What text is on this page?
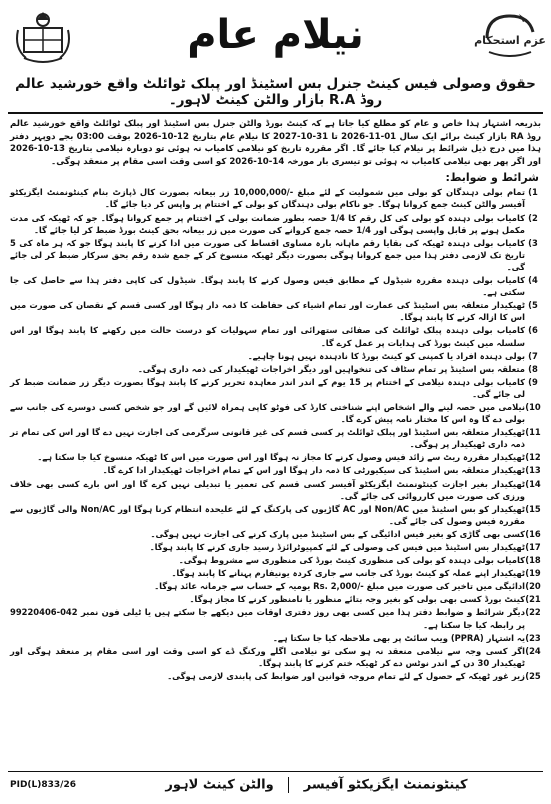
نیلام عام	عزم استحکام
حقوق وصولی فیس کینٹ جنرل بس اسٹینڈ اور پبلک ٹوائلٹ واقع خورشید عالم روڈ R.A بازار والٹن کینٹ لاہور۔
بذریعہ اشتہار ہذا خاص و عام کو مطلع کیا جاتا ہے کہ کینٹ بورڈ والٹن جنرل بس اسٹینڈ اور پبلک ٹوائلٹ واقع خورشید عالم روڈ RA بازار کینٹ برائے ایک سال 01-11-2026 تا 31-10-2027 کا نیلام عام بتاریخ 12-10-2026 بوقت 03:00 بجے دوپہر دفتر ہذا میں درج ذیل شرائط پر نیلام کیا جائے گا۔ اگر مقررہ تاریخ کو نیلامی کامیاب نہ ہوئی تو دوبارہ نیلامی بتاریخ 13-10-2026 اور اگر پھر بھی نیلامی کامیاب نہ ہوئی تو تیسری بار مورخہ 14-10-2026 کو اسی وقت اسی مقام پر منعقد ہوگی۔
شرائط و ضوابط:
1)
تمام بولی دہندگان کو بولی میں شمولیت کے لئے مبلغ -/10,000,000 زر بیعانہ بصورت کال ڈپازٹ بنام کینٹونمنٹ ایگزیکٹو آفیسر والٹن کینٹ جمع کروانا ہوگا۔ جو ناکام بولی دہندگان کو بولی کے اختتام پر واپس کر دیا جائے گا۔
2)
کامیاب بولی دہندہ کو بولی کی کل رقم کا 1/4 حصہ بطور ضمانت بولی کے اختتام پر جمع کروانا ہوگا۔ جو کہ ٹھیکہ کی مدت مکمل ہونے پر قابل واپسی ہوگی اور 1/4 حصہ جمع کروانے کی صورت میں زر بیعانہ بحق کینٹ بورڈ ضبط کر لیا جائے گا۔
3)
کامیاب بولی دہندہ ٹھیکہ کی بقایا رقم ماہانہ بارہ مساوی اقساط کی صورت میں ادا کرنے کا پابند ہوگا جو کہ ہر ماہ کی 5 تاریخ تک لازمی دفتر ہذا میں جمع کروانا ہوگی بصورت دیگر ٹھیکہ منسوخ کر کے جمع شدہ رقم بحق سرکار ضبط کر لی جائے گی۔
4)
کامیاب بولی دہندہ مقررہ شیڈول کے مطابق فیس وصول کرنے کا پابند ہوگا۔ شیڈول کی کاپی دفتر ہذا سے حاصل کی جا سکتی ہے۔
5)
ٹھیکیدار متعلقہ بس اسٹینڈ کی عمارت اور تمام اشیاء کی حفاظت کا ذمہ دار ہوگا اور کسی قسم کے نقصان کی صورت میں اس کا ازالہ کرنے کا پابند ہوگا۔
6)
کامیاب بولی دہندہ پبلک ٹوائلٹ کی صفائی ستھرائی اور تمام سہولیات کو درست حالت میں رکھنے کا پابند ہوگا اور اس سلسلہ میں کینٹ بورڈ کی ہدایات پر عمل کرے گا۔
7)
بولی دہندہ افراد یا کمپنی کو کینٹ بورڈ کا نادہندہ نہیں ہونا چاہیے۔
8)
متعلقہ بس اسٹینڈ پر تمام سٹاف کی تنخواہیں اور دیگر اخراجات ٹھیکیدار کی ذمہ داری ہوگی۔
9)
کامیاب بولی دہندہ نیلامی کے اختتام پر 15 یوم کے اندر اندر معاہدہ تحریر کرنے کا پابند ہوگا بصورت دیگر زر ضمانت ضبط کر لی جائے گی۔
10)
نیلامی میں حصہ لینے والے اشخاص اپنے شناختی کارڈ کی فوٹو کاپی ہمراہ لائیں گے اور جو شخص کسی دوسرے کی جانب سے بولی دے گا وہ اس کا مختار نامہ پیش کرے گا۔
11)
ٹھیکیدار متعلقہ بس اسٹینڈ اور پبلک ٹوائلٹ پر کسی قسم کی غیر قانونی سرگرمی کی اجازت نہیں دے گا اور اس کی تمام تر ذمہ داری ٹھیکیدار پر ہوگی۔
12)
ٹھیکیدار مقررہ ریٹ سے زائد فیس وصول کرنے کا مجاز نہ ہوگا اور اس صورت میں اس کا ٹھیکہ منسوخ کیا جا سکتا ہے۔
13)
ٹھیکیدار متعلقہ بس اسٹینڈ کی سیکیورٹی کا ذمہ دار ہوگا اور اس کے تمام اخراجات ٹھیکیدار ادا کرے گا۔
14)
ٹھیکیدار بغیر اجازت کینٹونمنٹ ایگزیکٹو آفیسر کسی قسم کی تعمیر یا تبدیلی نہیں کرے گا اور اس بارے کسی بھی خلاف ورزی کی صورت میں کارروائی کی جائے گی۔
15)
ٹھیکیدار کو بس اسٹینڈ میں Non/AC اور AC گاڑیوں کی پارکنگ کے لئے علیحدہ انتظام کرنا ہوگا اور Non/AC والی گاڑیوں سے مقررہ فیس وصول کی جائے گی۔
16)
کسی بھی گاڑی کو بغیر فیس ادائیگی کے بس اسٹینڈ میں پارک کرنے کی اجازت نہیں ہوگی۔
17)
ٹھیکیدار بس اسٹینڈ میں فیس کی وصولی کے لئے کمپیوٹرائزڈ رسید جاری کرنے کا پابند ہوگا۔
18)
کامیاب بولی دہندہ کو بولی کی منظوری کینٹ بورڈ کی منظوری سے مشروط ہوگی۔
19)
ٹھیکیدار اپنے عملہ کو کینٹ بورڈ کی جانب سے جاری کردہ یونیفارم پہنانے کا پابند ہوگا۔
20)
ادائیگی میں تاخیر کی صورت میں مبلغ -/Rs. 2,000 یومیہ کے حساب سے جرمانہ عائد ہوگا۔
21)
کینٹ بورڈ کسی بھی بولی کو بغیر وجہ بتائے منظور یا نامنظور کرنے کا مجاز ہوگا۔
22)
دیگر شرائط و ضوابط دفتر ہذا میں کسی بھی روز دفتری اوقات میں دیکھے جا سکتے ہیں یا ٹیلی فون نمبر 042-99220406 پر رابطہ کیا جا سکتا ہے۔
23)
یہ اشتہار (PPRA) ویب سائٹ پر بھی ملاحظہ کیا جا سکتا ہے۔
24)
اگر کسی وجہ سے نیلامی منعقد نہ ہو سکی تو نیلامی اگلے ورکنگ ڈے کو اسی وقت اور اسی مقام پر منعقد ہوگی اور ٹھیکیدار 30 دن کے اندر نوٹس دے کر ٹھیکہ ختم کرنے کا پابند ہوگا۔
25)
زیر غور ٹھیکہ کے حصول کے لئے تمام مروجہ قوانین اور ضوابط کی پابندی لازمی ہوگی۔
PID(L)833/26	کینٹونمنٹ ایگزیکٹو آفیسر  والٹن کینٹ لاہور
